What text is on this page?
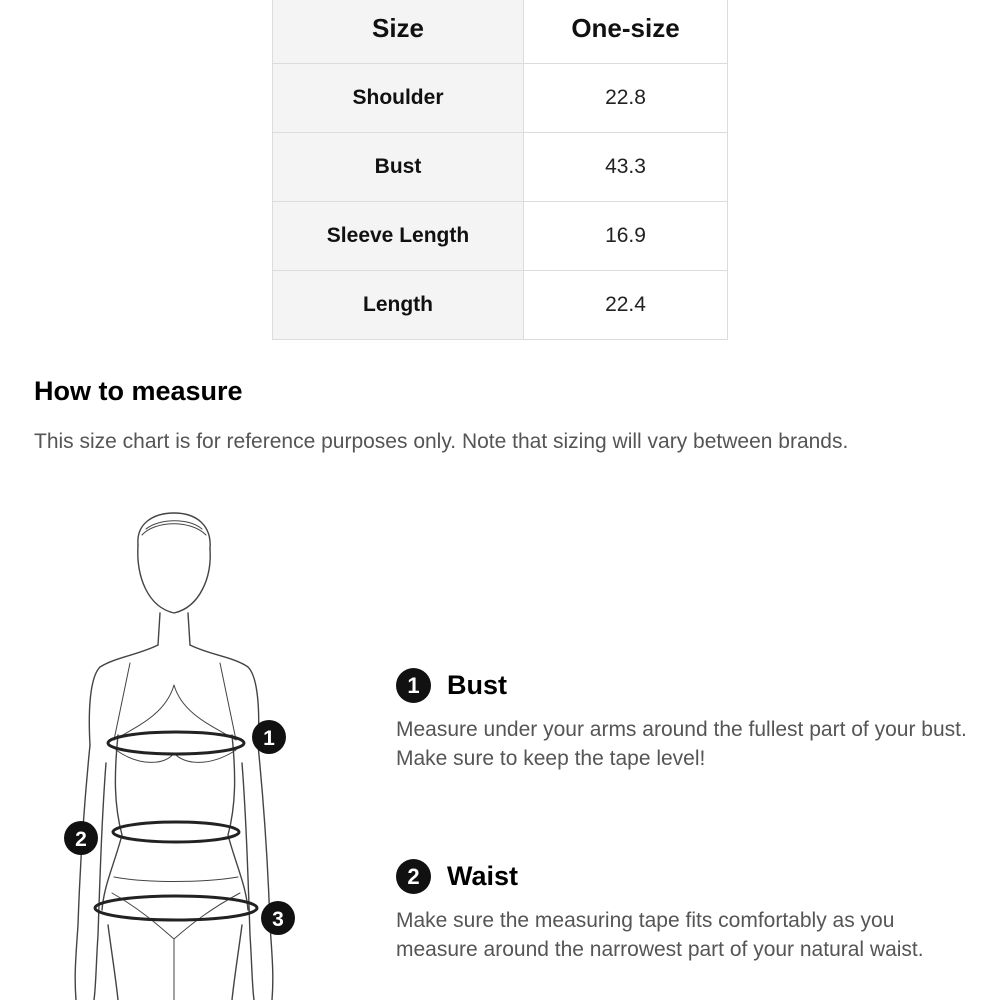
Size	One-size
Shoulder	22.8
Bust	43.3
Sleeve Length	16.9
Length	22.4
How to measure

This size chart is for reference purposes only. Note that sizing will vary between brands.

1
2
3
1	Bust

Measure under your arms around the fullest part of your bust. Make sure to keep the tape level!

2	Waist

Make sure the measuring tape fits comfortably as you measure around the narrowest part of your natural waist.
